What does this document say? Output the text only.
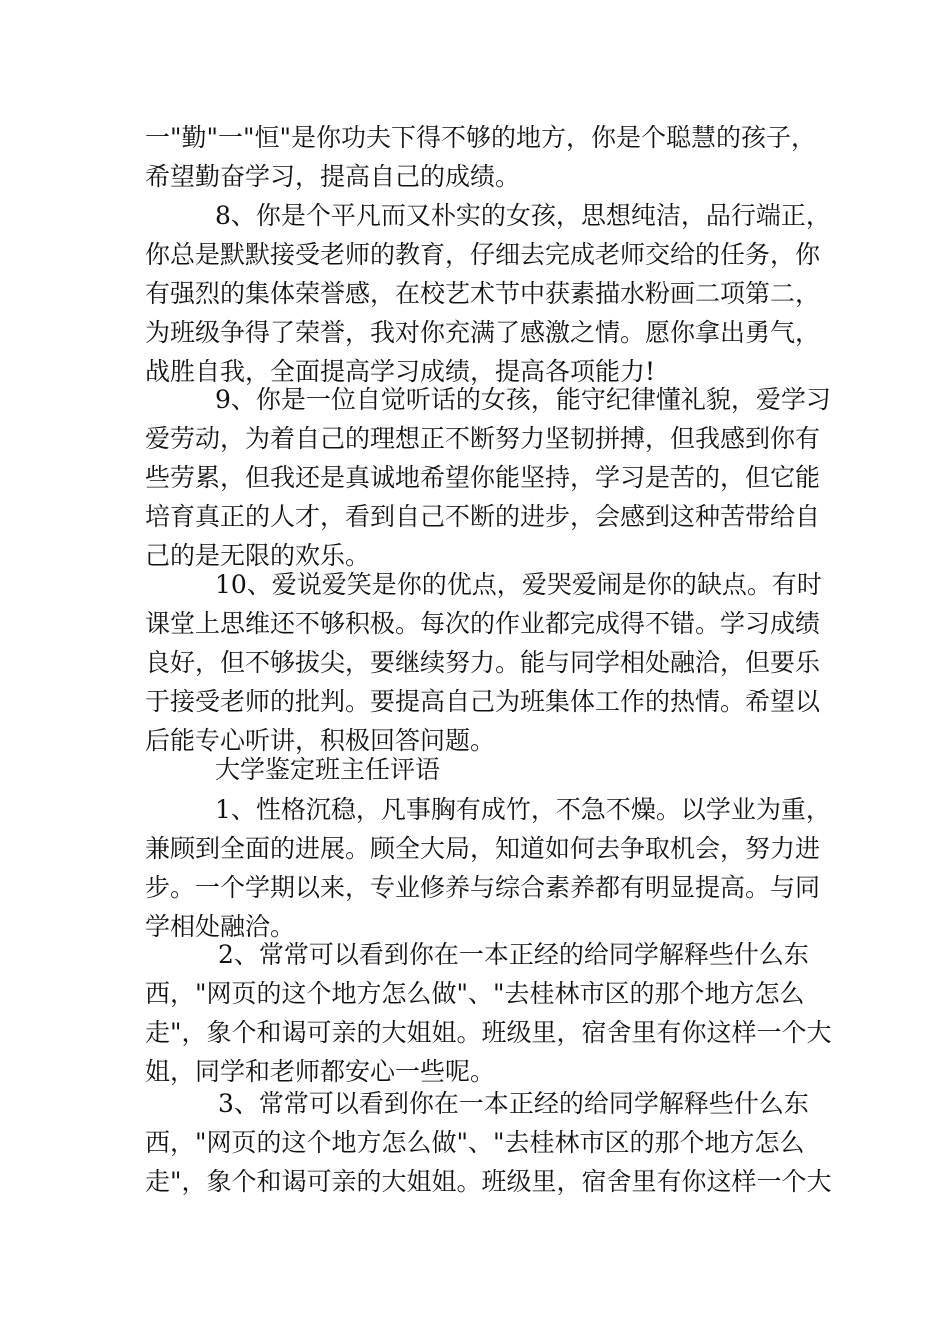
一"勤"一"恒"是你功夫下得不够的地方，你是个聪慧的孩子，
希望勤奋学习，提高自己的成绩。
8、你是个平凡而又朴实的女孩，思想纯洁，品行端正，
你总是默默接受老师的教育，仔细去完成老师交给的任务，你
有强烈的集体荣誉感，在校艺术节中获素描水粉画二项第二，
为班级争得了荣誉，我对你充满了感激之情。愿你拿出勇气，
战胜自我，全面提高学习成绩，提高各项能力!
9、你是一位自觉听话的女孩，能守纪律懂礼貌，爱学习
爱劳动，为着自己的理想正不断努力坚韧拼搏，但我感到你有
些劳累，但我还是真诚地希望你能坚持，学习是苦的，但它能
培育真正的人才，看到自己不断的进步，会感到这种苦带给自
己的是无限的欢乐。
10、爱说爱笑是你的优点，爱哭爱闹是你的缺点。有时
课堂上思维还不够积极。每次的作业都完成得不错。学习成绩
良好，但不够拔尖，要继续努力。能与同学相处融洽，但要乐
于接受老师的批判。要提高自己为班集体工作的热情。希望以
后能专心听讲，积极回答问题。
大学鉴定班主任评语
1、性格沉稳，凡事胸有成竹，不急不燥。以学业为重，
兼顾到全面的进展。顾全大局，知道如何去争取机会，努力进
步。一个学期以来，专业修养与综合素养都有明显提高。与同
学相处融洽。
2、常常可以看到你在一本正经的给同学解释些什么东
西，"网页的这个地方怎么做"、"去桂林市区的那个地方怎么
走"，象个和谒可亲的大姐姐。班级里，宿舍里有你这样一个大
姐，同学和老师都安心一些呢。
3、常常可以看到你在一本正经的给同学解释些什么东
西，"网页的这个地方怎么做"、"去桂林市区的那个地方怎么
走"，象个和谒可亲的大姐姐。班级里，宿舍里有你这样一个大
